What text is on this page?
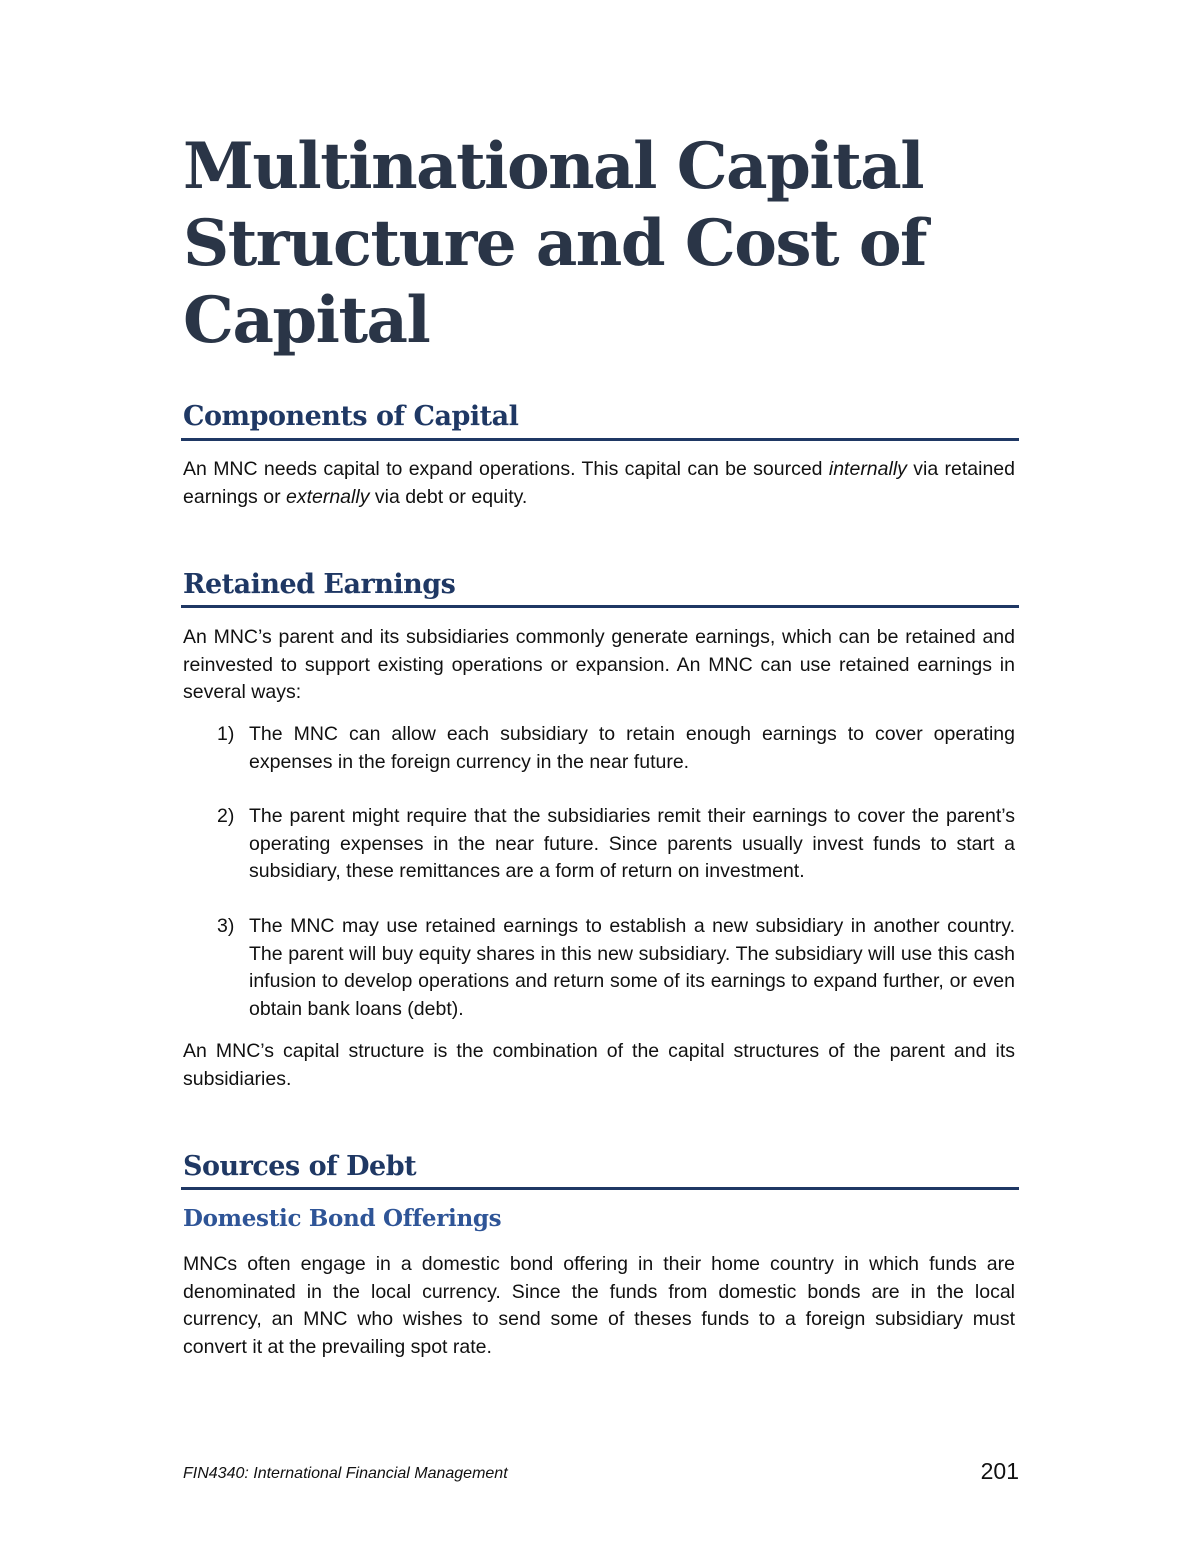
Multinational Capital
Structure and Cost of
Capital
Components of Capital

An MNC needs capital to expand operations. This capital can be sourced internally via retained earnings or externally via debt or equity.

Retained Earnings

An MNC’s parent and its subsidiaries commonly generate earnings, which can be retained and reinvested to support existing operations or expansion. An MNC can use retained earnings in several ways:

1) The MNC can allow each subsidiary to retain enough earnings to cover operating expenses in the foreign currency in the near future.
2) The parent might require that the subsidiaries remit their earnings to cover the parent’s operating expenses in the near future. Since parents usually invest funds to start a subsidiary, these remittances are a form of return on investment.
3) The MNC may use retained earnings to establish a new subsidiary in another country. The parent will buy equity shares in this new subsidiary. The subsidiary will use this cash infusion to develop operations and return some of its earnings to expand further, or even obtain bank loans (debt).

An MNC’s capital structure is the combination of the capital structures of the parent and its subsidiaries.

Sources of Debt
Domestic Bond Offerings

MNCs often engage in a domestic bond offering in their home country in which funds are denominated in the local currency. Since the funds from domestic bonds are in the local currency, an MNC who wishes to send some of theses funds to a foreign subsidiary must convert it at the prevailing spot rate.

FIN4340: International Financial Management	201
